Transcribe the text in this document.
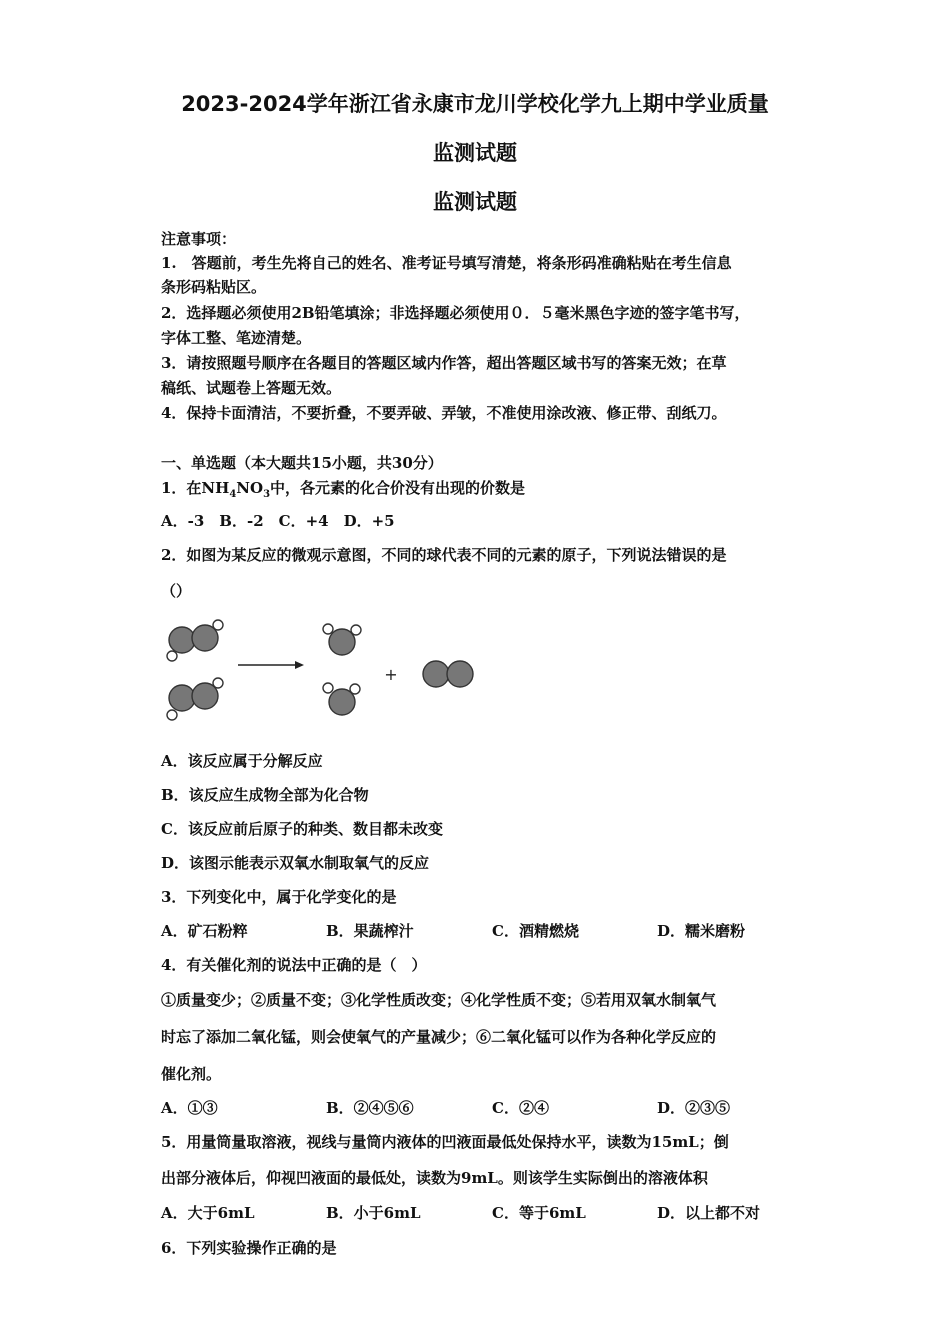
2023-2024学年浙江省永康市龙川学校化学九上期中学业质量
监测试题
监测试题
注意事项：
1.　答题前，考生先将自己的姓名、准考证号填写清楚，将条形码准确粘贴在考生信息
条形码粘贴区。
2．选择题必须使用2B铅笔填涂；非选择题必须使用０．５毫米黑色字迹的签字笔书写，
字体工整、笔迹清楚。
3．请按照题号顺序在各题目的答题区域内作答，超出答题区域书写的答案无效；在草
稿纸、试题卷上答题无效。
4．保持卡面清洁，不要折叠，不要弄破、弄皱，不准使用涂改液、修正带、刮纸刀。
一、单选题（本大题共15小题，共30分）
1．在$NH_4NO_3$中，各元素的化合价没有出现的价数是
A．-3　B．-2　C．+4　D．+5
2．如图为某反应的微观示意图，不同的球代表不同的元素的原子，下列说法错误的是
（）
+
A．该反应属于分解反应
B．该反应生成物全部为化合物
C．该反应前后原子的种类、数目都未改变
D．该图示能表示双氧水制取氧气的反应
3．下列变化中，属于化学变化的是
A．矿石粉粹	B．果蔬榨汁	C．酒精燃烧	D．糯米磨粉
4．有关催化剂的说法中正确的是（　）
①质量变少；②质量不变；③化学性质改变；④化学性质不变；⑤若用双氧水制氧气
时忘了添加二氧化锰，则会使氧气的产量减少；⑥二氧化锰可以作为各种化学反应的
催化剂。
A．①③	B．②④⑤⑥	C．②④	D．②③⑤
5．用量筒量取溶液，视线与量筒内液体的凹液面最低处保持水平，读数为15mL；倒
出部分液体后，仰视凹液面的最低处，读数为9mL。则该学生实际倒出的溶液体积
A．大于6mL	B．小于6mL	C．等于6mL	D．以上都不对
6．下列实验操作正确的是
